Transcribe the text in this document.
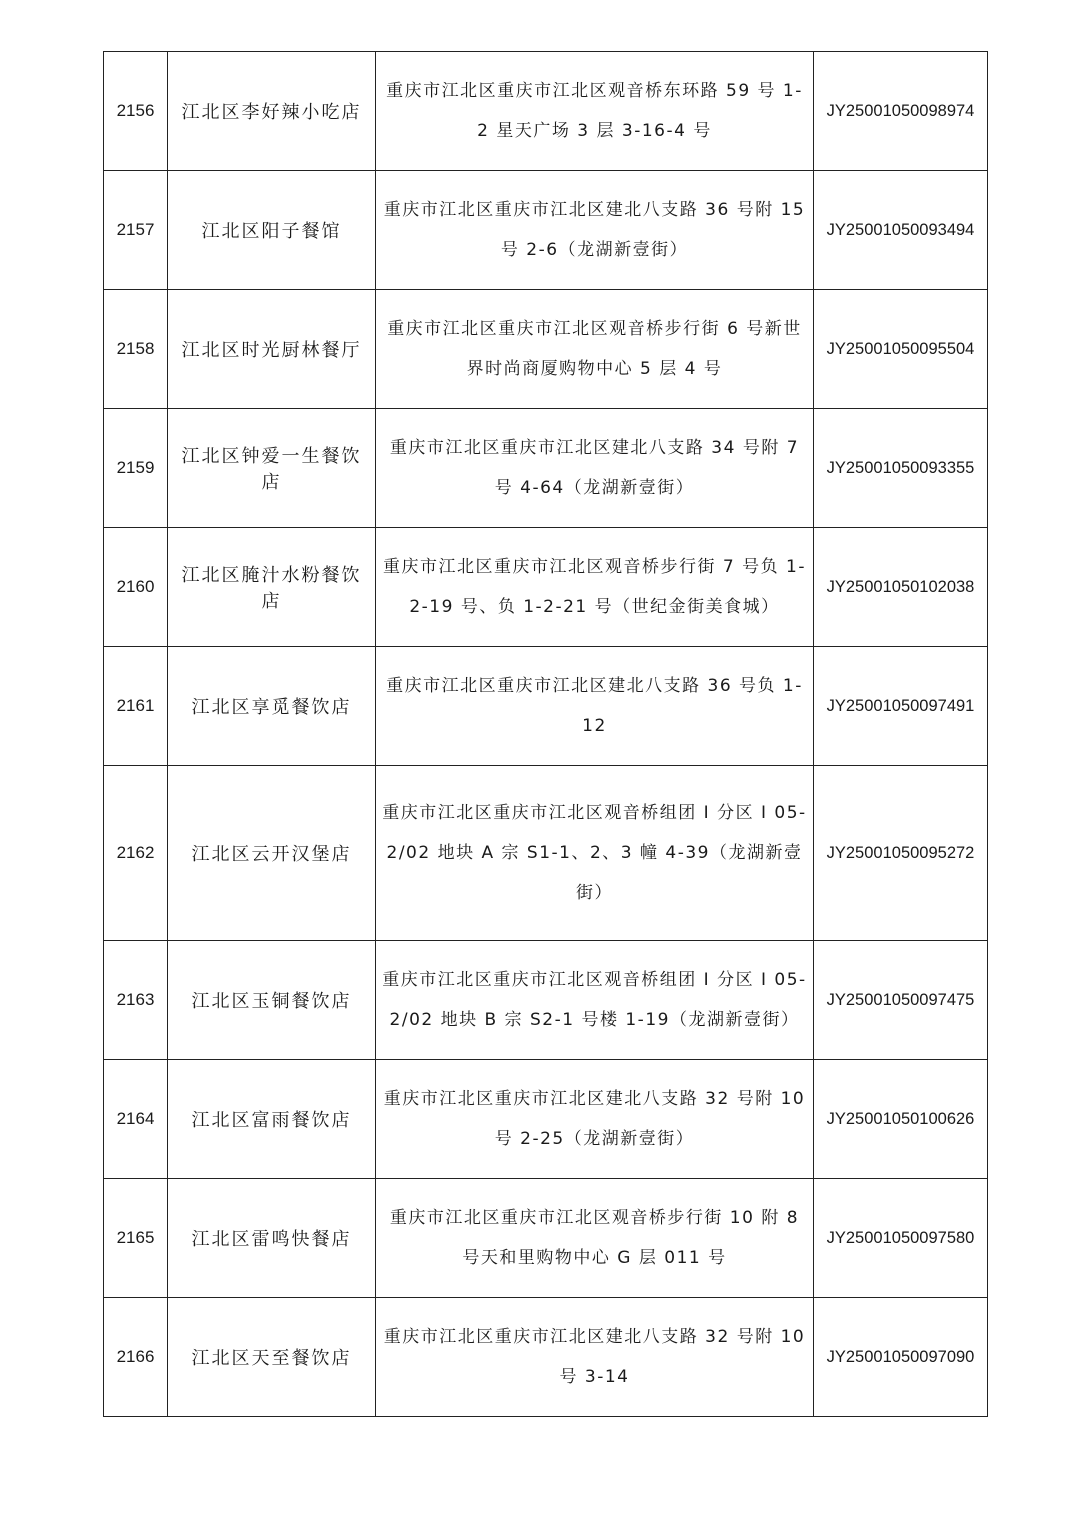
2156	江北区李好辣小吃店	重庆市江北区重庆市江北区观音桥东环路 59 号 1-2 星天广场 3 层 3-16-4 号	JY25001050098974
2157	江北区阳子餐馆	重庆市江北区重庆市江北区建北八支路 36 号附 15 号 2-6（龙湖新壹街）	JY25001050093494
2158	江北区时光厨林餐厅	重庆市江北区重庆市江北区观音桥步行街 6 号新世界时尚商厦购物中心 5 层 4 号	JY25001050095504
2159	江北区钟爱一生餐饮店	重庆市江北区重庆市江北区建北八支路 34 号附 7 号 4-64（龙湖新壹街）	JY25001050093355
2160	江北区腌汁水粉餐饮店	重庆市江北区重庆市江北区观音桥步行街 7 号负 1-2-19 号、负 1-2-21 号（世纪金街美食城）	JY25001050102038
2161	江北区享觅餐饮店	重庆市江北区重庆市江北区建北八支路 36 号负 1-12	JY25001050097491
2162	江北区云开汉堡店	重庆市江北区重庆市江北区观音桥组团 I 分区 I 05-2/02 地块 A 宗 S1-1、2、3 幢 4-39（龙湖新壹街）	JY25001050095272
2163	江北区玉铜餐饮店	重庆市江北区重庆市江北区观音桥组团 I 分区 I 05-2/02 地块 B 宗 S2-1 号楼 1-19（龙湖新壹街）	JY25001050097475
2164	江北区富雨餐饮店	重庆市江北区重庆市江北区建北八支路 32 号附 10 号 2-25（龙湖新壹街）	JY25001050100626
2165	江北区雷鸣快餐店	重庆市江北区重庆市江北区观音桥步行街 10 附 8 号天和里购物中心 G 层 011 号	JY25001050097580
2166	江北区天至餐饮店	重庆市江北区重庆市江北区建北八支路 32 号附 10 号 3-14	JY25001050097090
